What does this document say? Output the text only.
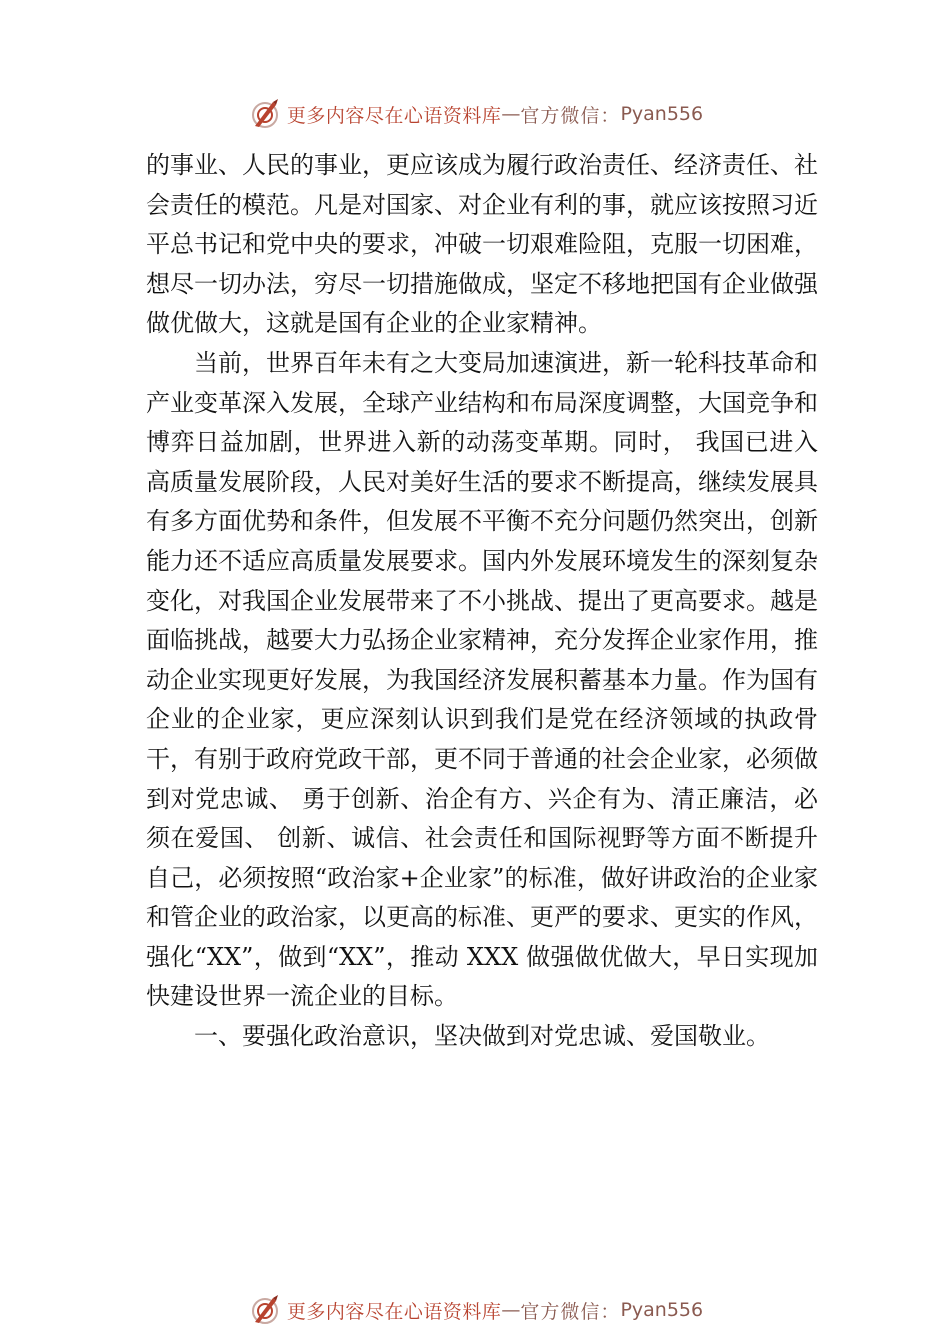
更多内容尽在心语资料库 — 官方微信： Pyan556

的事业、人民的事业，更应该成为履行政治责任、经济责任、社会责任的模范。凡是对国家、对企业有利的事，就应该按照习近平总书记和党中央的要求，冲破一切艰难险阻，克服一切困难，想尽一切办法，穷尽一切措施做成，坚定不移地把国有企业做强做优做大，这就是国有企业的企业家精神。

当前，世界百年未有之大变局加速演进，新一轮科技革命和产业变革深入发展，全球产业结构和布局深度调整，大国竞争和博弈日益加剧，世界进入新的动荡变革期。同时， 我国已进入高质量发展阶段，人民对美好生活的要求不断提高，继续发展具有多方面优势和条件，但发展不平衡不充分问题仍然突出，创新能力还不适应高质量发展要求。国内外发展环境发生的深刻复杂变化，对我国企业发展带来了不小挑战、提出了更高要求。越是面临挑战，越要大力弘扬企业家精神，充分发挥企业家作用，推动企业实现更好发展，为我国经济发展积蓄基本力量。作为国有企业的企业家，更应深刻认识到我们是党在经济领域的执政骨干，有别于政府党政干部，更不同于普通的社会企业家，必须做到对党忠诚、 勇于创新、治企有方、兴企有为、清正廉洁，必须在爱国、 创新、诚信、社会责任和国际视野等方面不断提升自己，必须按照“政治家+企业家”的标准，做好讲政治的企业家和管企业的政治家，以更高的标准、更严的要求、更实的作风， 强化“XX”，做到“XX”，推动 XXX 做强做优做大，早日实现加快建设世界一流企业的目标。

一、要强化政治意识，坚决做到对党忠诚、爱国敬业。

更多内容尽在心语资料库 — 官方微信： Pyan556
